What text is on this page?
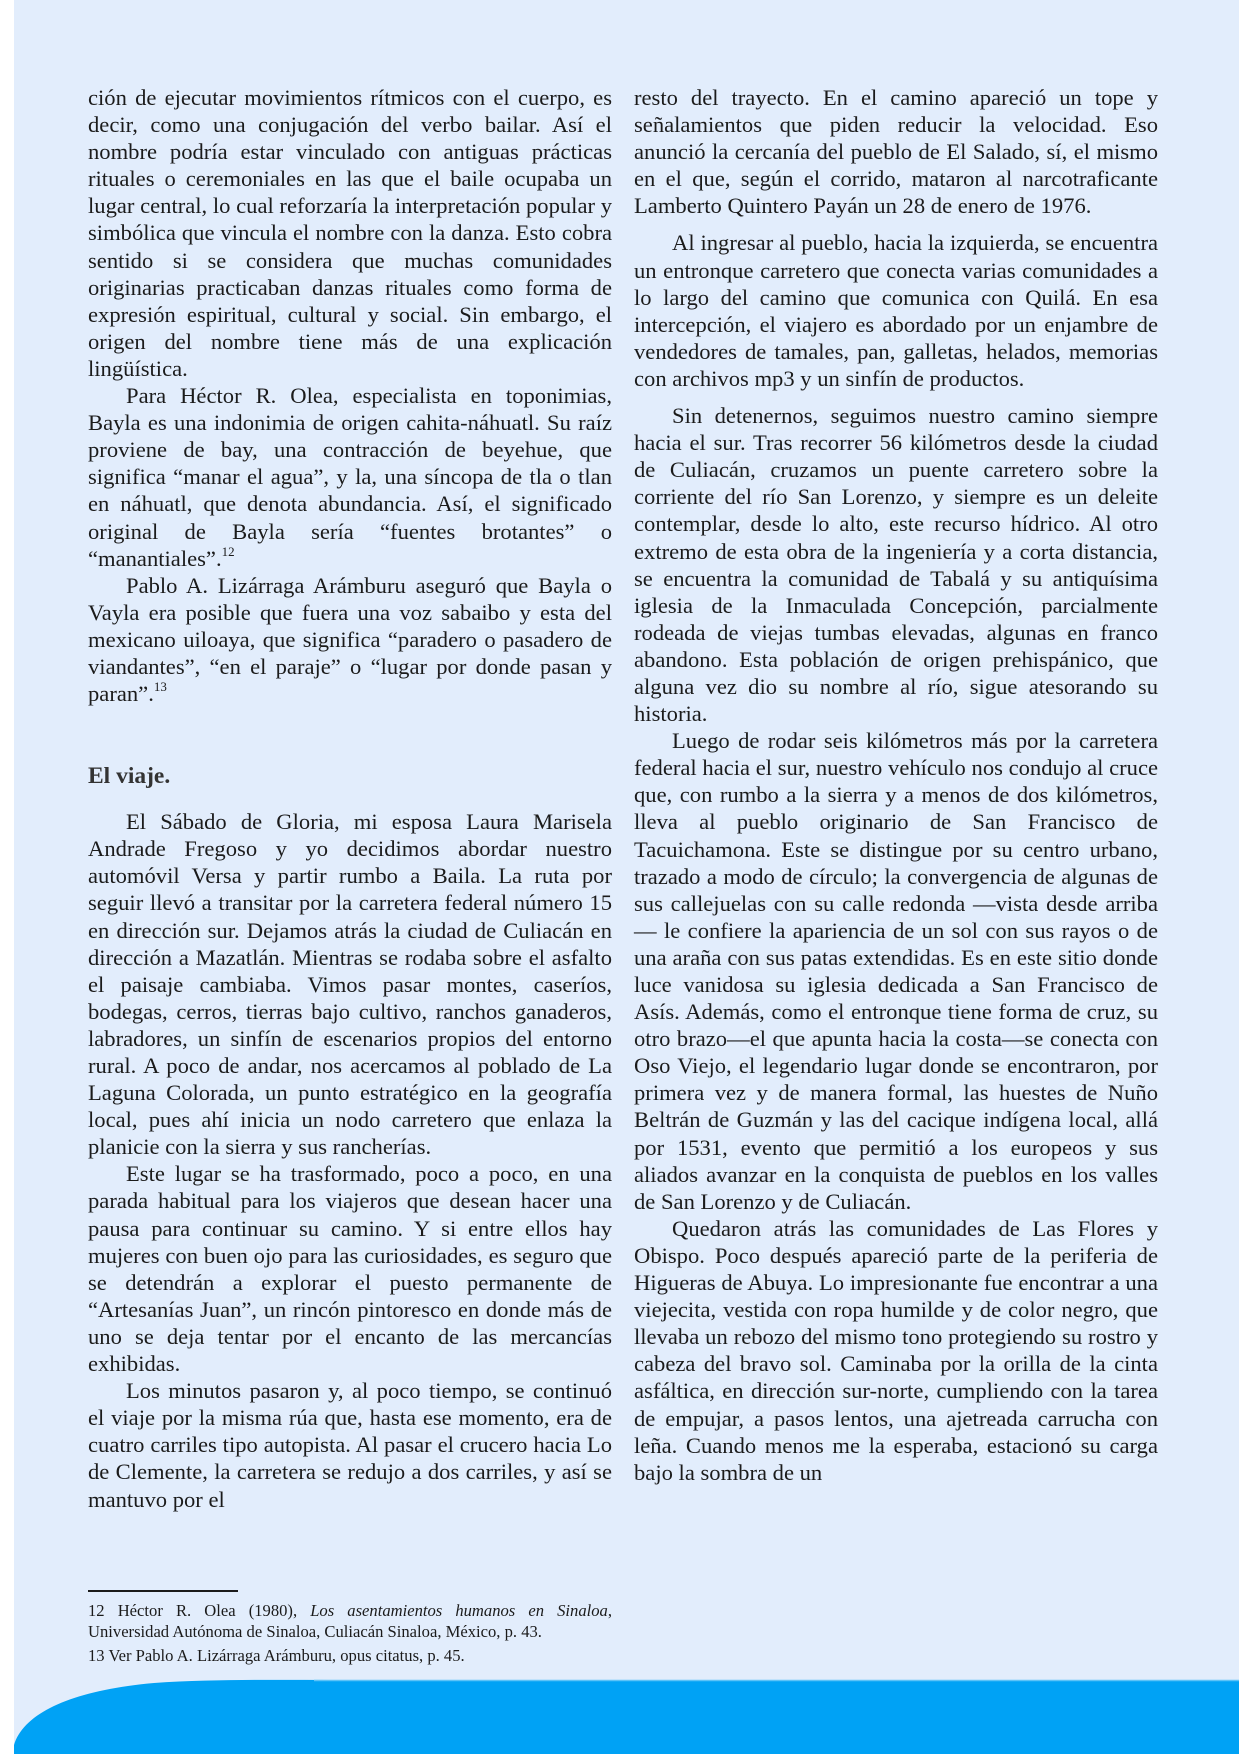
ción de ejecutar movimientos rítmicos con el cuerpo, es decir, como una conjugación del verbo bailar. Así el nombre podría estar vinculado con antiguas prácticas rituales o ceremoniales en las que el baile ocupaba un lugar central, lo cual reforzaría la interpretación popular y simbólica que vincula el nombre con la danza. Esto cobra sentido si se considera que muchas comunidades originarias practicaban danzas rituales como forma de expresión espiritual, cultural y social. Sin embargo, el origen del nombre tiene más de una explicación lingüística.

Para Héctor R. Olea, especialista en toponimias, Bayla es una indonimia de origen cahita-náhuatl. Su raíz proviene de bay, una contracción de beyehue, que significa “manar el agua”, y la, una síncopa de tla o tlan en náhuatl, que denota abundancia. Así, el significado original de Bayla sería “fuentes brotantes” o “manantiales”.$^{12}$

Pablo A. Lizárraga Arámburu aseguró que Bayla o Vayla era posible que fuera una voz sabaibo y esta del mexicano uiloaya, que significa “paradero o pasadero de viandantes”, “en el paraje” o “lugar por donde pasan y paran”.$^{13}$

El viaje.

El Sábado de Gloria, mi esposa Laura Marisela Andrade Fregoso y yo decidimos abordar nuestro automóvil Versa y partir rumbo a Baila. La ruta por seguir llevó a transitar por la carretera federal número 15 en dirección sur. Dejamos atrás la ciudad de Culiacán en dirección a Mazatlán. Mientras se rodaba sobre el asfalto el paisaje cambiaba. Vimos pasar montes, caseríos, bodegas, cerros, tierras bajo cultivo, ranchos ganaderos, labradores, un sinfín de escenarios propios del entorno rural. A poco de andar, nos acercamos al poblado de La Laguna Colorada, un punto estratégico en la geografía local, pues ahí inicia un nodo carretero que enlaza la planicie con la sierra y sus rancherías.

Este lugar se ha trasformado, poco a poco, en una parada habitual para los viajeros que desean hacer una pausa para continuar su camino. Y si entre ellos hay mujeres con buen ojo para las curiosidades, es seguro que se detendrán a explorar el puesto permanente de “Artesanías Juan”, un rincón pintoresco en donde más de uno se deja tentar por el encanto de las mercancías exhibidas.

Los minutos pasaron y, al poco tiempo, se continuó el viaje por la misma rúa que, hasta ese momento, era de cuatro carriles tipo autopista. Al pasar el crucero hacia Lo de Clemente, la carretera se redujo a dos carriles, y así se mantuvo por el

12 Héctor R. Olea (1980), Los asentamientos humanos en Sinaloa, Universidad Autónoma de Sinaloa, Culiacán Sinaloa, México, p. 43.

13 Ver Pablo A. Lizárraga Arámburu, opus citatus, p. 45.

resto del trayecto. En el camino apareció un tope y señalamientos que piden reducir la velocidad. Eso anunció la cercanía del pueblo de El Salado, sí, el mismo en el que, según el corrido, mataron al narcotraficante Lamberto Quintero Payán un 28 de enero de 1976.

Al ingresar al pueblo, hacia la izquierda, se encuentra un entronque carretero que conecta varias comunidades a lo largo del camino que comunica con Quilá. En esa intercepción, el viajero es abordado por un enjambre de vendedores de tamales, pan, galletas, helados, memorias con archivos mp3 y un sinfín de productos.

Sin detenernos, seguimos nuestro camino siempre hacia el sur. Tras recorrer 56 kilómetros desde la ciudad de Culiacán, cruzamos un puente carretero sobre la corriente del río San Lorenzo, y siempre es un deleite contemplar, desde lo alto, este recurso hídrico. Al otro extremo de esta obra de la ingeniería y a corta distancia, se encuentra la comunidad de Tabalá y su antiquísima iglesia de la Inmaculada Concepción, parcialmente rodeada de viejas tumbas elevadas, algunas en franco abandono. Esta población de origen prehispánico, que alguna vez dio su nombre al río, sigue atesorando su historia.

Luego de rodar seis kilómetros más por la carretera federal hacia el sur, nuestro vehículo nos condujo al cruce que, con rumbo a la sierra y a menos de dos kilómetros, lleva al pueblo originario de San Francisco de Tacuichamona. Este se distingue por su centro urbano, trazado a modo de círculo; la convergencia de algunas de sus callejuelas con su calle redonda —vista desde arriba — le confiere la apariencia de un sol con sus rayos o de una araña con sus patas extendidas. Es en este sitio donde luce vanidosa su iglesia dedicada a San Francisco de Asís. Además, como el entronque tiene forma de cruz, su otro brazo—el que apunta hacia la costa—se conecta con Oso Viejo, el legendario lugar donde se encontraron, por primera vez y de manera formal, las huestes de Nuño Beltrán de Guzmán y las del cacique indígena local, allá por 1531, evento que permitió a los europeos y sus aliados avanzar en la conquista de pueblos en los valles de San Lorenzo y de Culiacán.

Quedaron atrás las comunidades de Las Flores y Obispo. Poco después apareció parte de la periferia de Higueras de Abuya. Lo impresionante fue encontrar a una viejecita, vestida con ropa humilde y de color negro, que llevaba un rebozo del mismo tono protegiendo su rostro y cabeza del bravo sol. Caminaba por la orilla de la cinta asfáltica, en dirección sur-norte, cumpliendo con la tarea de empujar, a pasos lentos, una ajetreada carrucha con leña. Cuando menos me la esperaba, estacionó su carga bajo la sombra de un
